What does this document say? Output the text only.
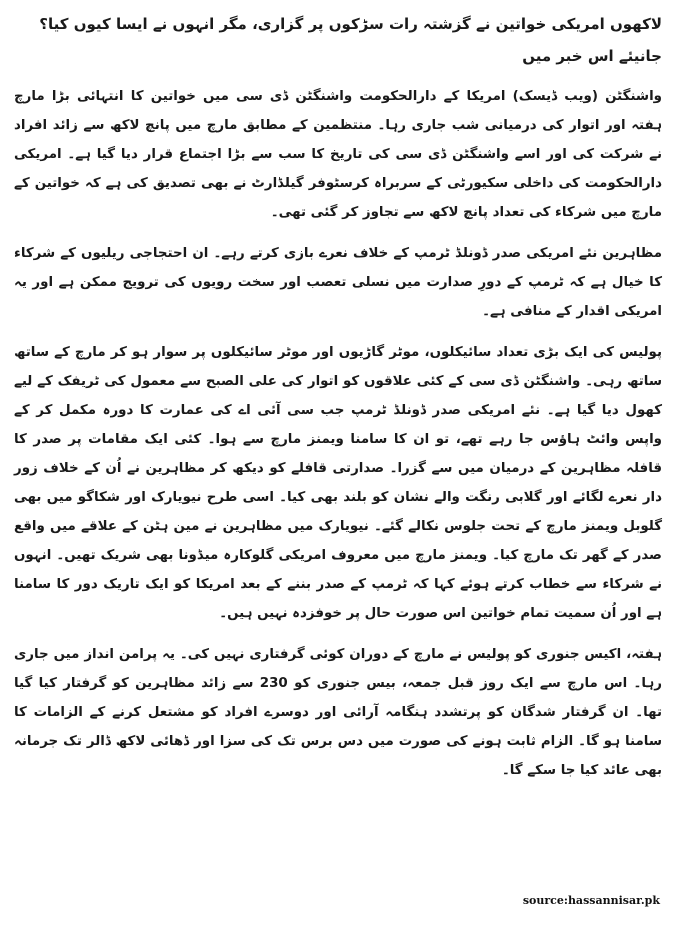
لاکھوں امریکی خواتین نے گزشتہ رات سڑکوں پر گزاری، مگر انہوں نے ایسا کیوں کیا؟ جانیئے اس خبر میں

واشنگٹن (ویب ڈیسک) امریکا کے دارالحکومت واشنگٹن ڈی سی میں خواتین کا انتہائی بڑا مارچ ہفتہ اور اتوار کی درمیانی شب جاری رہا۔ منتظمین کے مطابق مارچ میں پانچ لاکھ سے زائد افراد نے شرکت کی اور اسے واشنگٹن ڈی سی کی تاریخ کا سب سے بڑا اجتماع قرار دیا گیا ہے۔ امریکی دارالحکومت کی داخلی سکیورٹی کے سربراہ کرسٹوفر گیلڈارٹ نے بھی تصدیق کی ہے کہ خواتین کے مارچ میں شرکاء کی تعداد پانچ لاکھ سے تجاوز کر گئی تھی۔

مظاہرین نئے امریکی صدر ڈونلڈ ٹرمپ کے خلاف نعرے بازی کرتے رہے۔ ان احتجاجی ریلیوں کے شرکاء کا خیال ہے کہ ٹرمپ کے دورِ صدارت میں نسلی تعصب اور سخت رویوں کی ترویج ممکن ہے اور یہ امریکی اقدار کے منافی ہے۔

پولیس کی ایک بڑی تعداد سائیکلوں، موٹر گاڑیوں اور موٹر سائیکلوں پر سوار ہو کر مارچ کے ساتھ ساتھ رہی۔ واشنگٹن ڈی سی کے کئی علاقوں کو اتوار کی علی الصبح سے معمول کی ٹریفک کے لیے کھول دیا گیا ہے۔ نئے امریکی صدر ڈونلڈ ٹرمپ جب سی آئی اے کی عمارت کا دورہ مکمل کر کے واپس وائٹ ہاؤس جا رہے تھے، تو ان کا سامنا ویمنز مارچ سے ہوا۔ کئی ایک مقامات پر صدر کا قافلہ مظاہرین کے درمیان میں سے گزرا۔ صدارتی قافلے کو دیکھ کر مظاہرین نے اُن کے خلاف زور دار نعرے لگائے اور گلابی رنگت والے نشان کو بلند بھی کیا۔ اسی طرح نیویارک اور شکاگو میں بھی گلوبل ویمنز مارچ کے تحت جلوس نکالے گئے۔ نیویارک میں مظاہرین نے مین ہٹن کے علاقے میں واقع صدر کے گھر تک مارچ کیا۔ ویمنز مارچ میں معروف امریکی گلوکارہ میڈونا بھی شریک تھیں۔ انہوں نے شرکاء سے خطاب کرتے ہوئے کہا کہ ٹرمپ کے صدر بننے کے بعد امریکا کو ایک تاریک دور کا سامنا ہے اور اُن سمیت تمام خواتین اس صورت حال پر خوفزدہ نہیں ہیں۔

ہفتہ، اکیس جنوری کو پولیس نے مارچ کے دوران کوئی گرفتاری نہیں کی۔ یہ پرامن انداز میں جاری رہا۔ اس مارچ سے ایک روز قبل جمعہ، بیس جنوری کو 230 سے زائد مظاہرین کو گرفتار کیا گیا تھا۔ ان گرفتار شدگان کو پرتشدد ہنگامہ آرائی اور دوسرے افراد کو مشتعل کرنے کے الزامات کا سامنا ہو گا۔ الزام ثابت ہونے کی صورت میں دس برس تک کی سزا اور ڈھائی لاکھ ڈالر تک جرمانہ بھی عائد کیا جا سکے گا۔

source:hassannisar.pk
